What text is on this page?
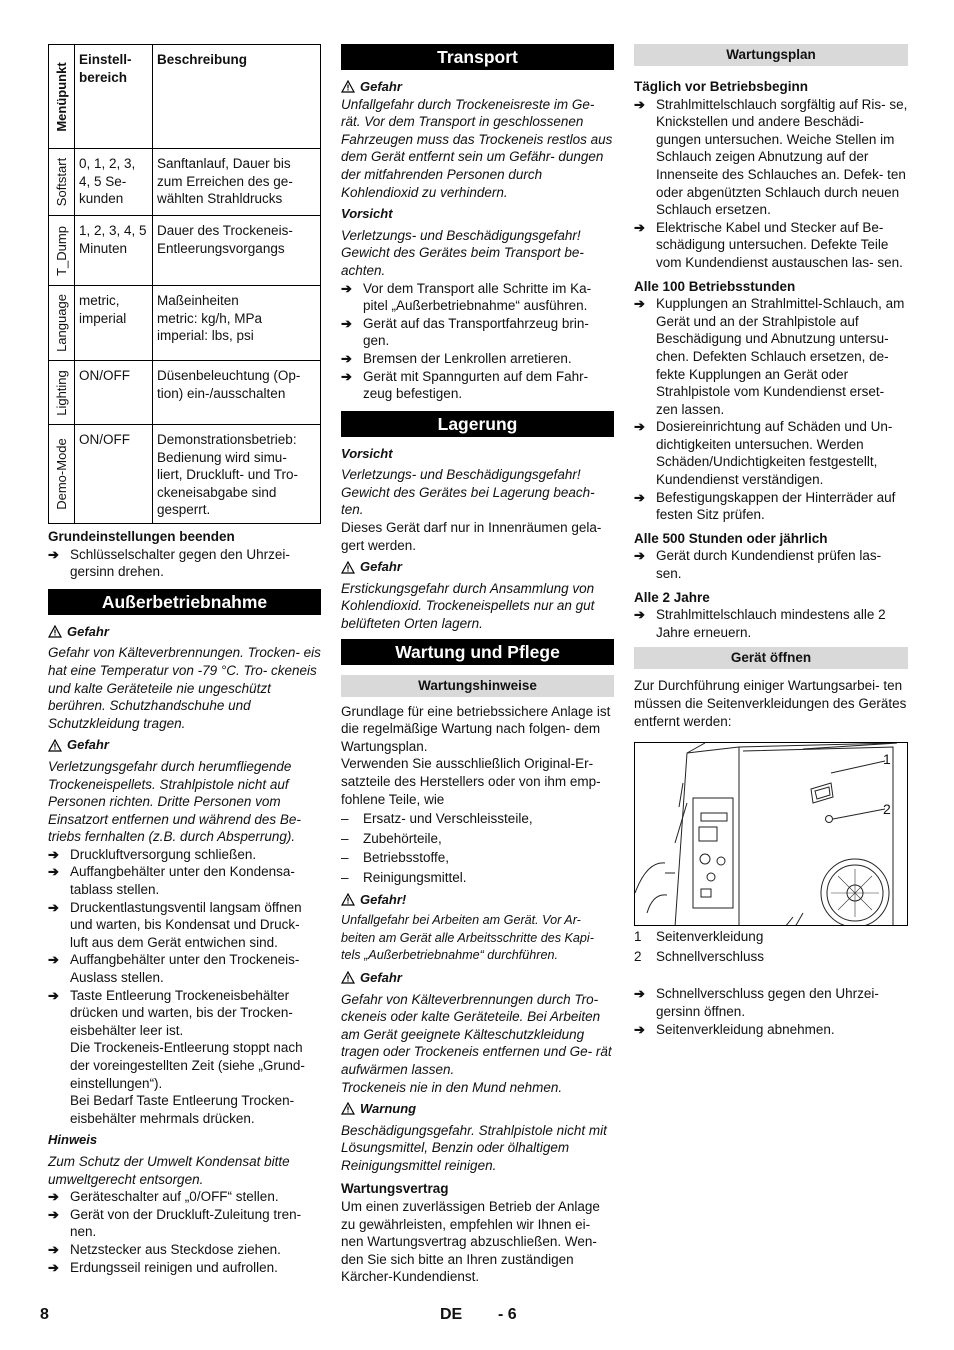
Menüpunkt	Einstell- bereich	Beschreibung

Softstart	0, 1, 2, 3, 4, 5 Se- kunden	Sanftanlauf, Dauer bis zum Erreichen des ge- wählten Strahldrucks

T_Dump	1, 2, 3, 4, 5 Minuten	Dauer des Trockeneis- Entleerungsvorgangs

Language	metric, imperial	Maßeinheiten
metric: kg/h, MPa
imperial: lbs, psi

Lighting	ON/OFF	Düsenbeleuchtung (Op- tion) ein-/ausschalten

Demo-Mode	ON/OFF	Demonstrationsbetrieb: Bedienung wird simu- liert, Druckluft- und Tro- ckeneisabgabe sind gesperrt.

Grundeinstellungen beenden

➔ Schlüsselschalter gegen den Uhrzei- gersinn drehen.

Außerbetriebnahme
Gefahr

Gefahr von Kälteverbrennungen. Trocken- eis hat eine Temperatur von -79 °C. Tro- ckeneis und kalte Geräteteile nie ungeschützt berühren. Schutzhandschuhe und Schutzkleidung tragen.

Gefahr

Verletzungsgefahr durch herumfliegende Trockeneispellets. Strahlpistole nicht auf Personen richten. Dritte Personen vom Einsatzort entfernen und während des Be- triebs fernhalten (z.B. durch Absperrung).

➔ Druckluftversorgung schließen.

➔ Auffangbehälter unter den Kondensa- tablass stellen.

➔ Druckentlastungsventil langsam öffnen und warten, bis Kondensat und Druck- luft aus dem Gerät entwichen sind.

➔ Auffangbehälter unter den Trockeneis- Auslass stellen.

➔ Taste Entleerung Trockeneisbehälter drücken und warten, bis der Trocken- eisbehälter leer ist.

Die Trockeneis-Entleerung stoppt nach der voreingestellten Zeit (siehe „Grund- einstellungen“).

Bei Bedarf Taste Entleerung Trocken- eisbehälter mehrmals drücken.

Hinweis

Zum Schutz der Umwelt Kondensat bitte umweltgerecht entsorgen.

➔ Geräteschalter auf „0/OFF“ stellen.

➔ Gerät von der Druckluft-Zuleitung tren- nen.

➔ Netzstecker aus Steckdose ziehen.

➔ Erdungsseil reinigen und aufrollen.

Transport
Gefahr

Unfallgefahr durch Trockeneisreste im Ge- rät. Vor dem Transport in geschlossenen Fahrzeugen muss das Trockeneis restlos aus dem Gerät entfernt sein um Gefähr- dungen der mitfahrenden Personen durch Kohlendioxid zu verhindern.

Vorsicht

Verletzungs- und Beschädigungsgefahr! Gewicht des Gerätes beim Transport be- achten.

➔ Vor dem Transport alle Schritte im Ka- pitel „Außerbetriebnahme“ ausführen.

➔ Gerät auf das Transportfahrzeug brin- gen.

➔ Bremsen der Lenkrollen arretieren.

➔ Gerät mit Spanngurten auf dem Fahr- zeug befestigen.

Lagerung

Vorsicht

Verletzungs- und Beschädigungsgefahr! Gewicht des Gerätes bei Lagerung beach- ten.

Dieses Gerät darf nur in Innenräumen gela- gert werden.

Gefahr

Erstickungsgefahr durch Ansammlung von Kohlendioxid. Trockeneispellets nur an gut belüfteten Orten lagern.

Wartung und Pflege
Wartungshinweise

Grundlage für eine betriebssichere Anlage ist die regelmäßige Wartung nach folgen- dem Wartungsplan.

Verwenden Sie ausschließlich Original-Er- satzteile des Herstellers oder von ihm emp- fohlene Teile, wie

– Ersatz- und Verschleissteile,

– Zubehörteile,

– Betriebsstoffe,

– Reinigungsmittel.

Gefahr!

Unfallgefahr bei Arbeiten am Gerät. Vor Ar- beiten am Gerät alle Arbeitsschritte des Kapi- tels „Außerbetriebnahme“ durchführen.

Gefahr

Gefahr von Kälteverbrennungen durch Tro- ckeneis oder kalte Geräteteile. Bei Arbeiten am Gerät geeignete Kälteschutzkleidung tragen oder Trockeneis entfernen und Ge- rät aufwärmen lassen.

Trockeneis nie in den Mund nehmen.

Warnung

Beschädigungsgefahr. Strahlpistole nicht mit Lösungsmittel, Benzin oder ölhaltigem Reinigungsmittel reinigen.

Wartungsvertrag

Um einen zuverlässigen Betrieb der Anlage zu gewährleisten, empfehlen wir Ihnen ei- nen Wartungsvertrag abzuschließen. Wen- den Sie sich bitte an Ihren zuständigen Kärcher-Kundendienst.

Wartungsplan

Täglich vor Betriebsbeginn

➔ Strahlmittelschlauch sorgfältig auf Ris- se, Knickstellen und andere Beschädi- gungen untersuchen. Weiche Stellen im Schlauch zeigen Abnutzung auf der Innenseite des Schlauches an. Defek- ten oder abgenützten Schlauch durch neuen Schlauch ersetzen.

➔ Elektrische Kabel und Stecker auf Be- schädigung untersuchen. Defekte Teile vom Kundendienst austauschen las- sen.

Alle 100 Betriebsstunden

➔ Kupplungen an Strahlmittel-Schlauch, am Gerät und an der Strahlpistole auf Beschädigung und Abnutzung untersu- chen. Defekten Schlauch ersetzen, de- fekte Kupplungen an Gerät oder Strahlpistole vom Kundendienst erset- zen lassen.

➔ Dosiereinrichtung auf Schäden und Un- dichtigkeiten untersuchen. Werden Schäden/Undichtigkeiten festgestellt, Kundendienst verständigen.

➔ Befestigungskappen der Hinterräder auf festen Sitz prüfen.

Alle 500 Stunden oder jährlich

➔ Gerät durch Kundendienst prüfen las- sen.

Alle 2 Jahre

➔ Strahlmittelschlauch mindestens alle 2 Jahre erneuern.

Gerät öffnen

Zur Durchführung einiger Wartungsarbei- ten müssen die Seitenverkleidungen des Gerätes entfernt werden:

1
2
1	Seitenverkleidung
2	Schnellverschluss

➔ Schnellverschluss gegen den Uhrzei- gersinn öffnen.

➔ Seitenverkleidung abnehmen.

8	DE - 6
